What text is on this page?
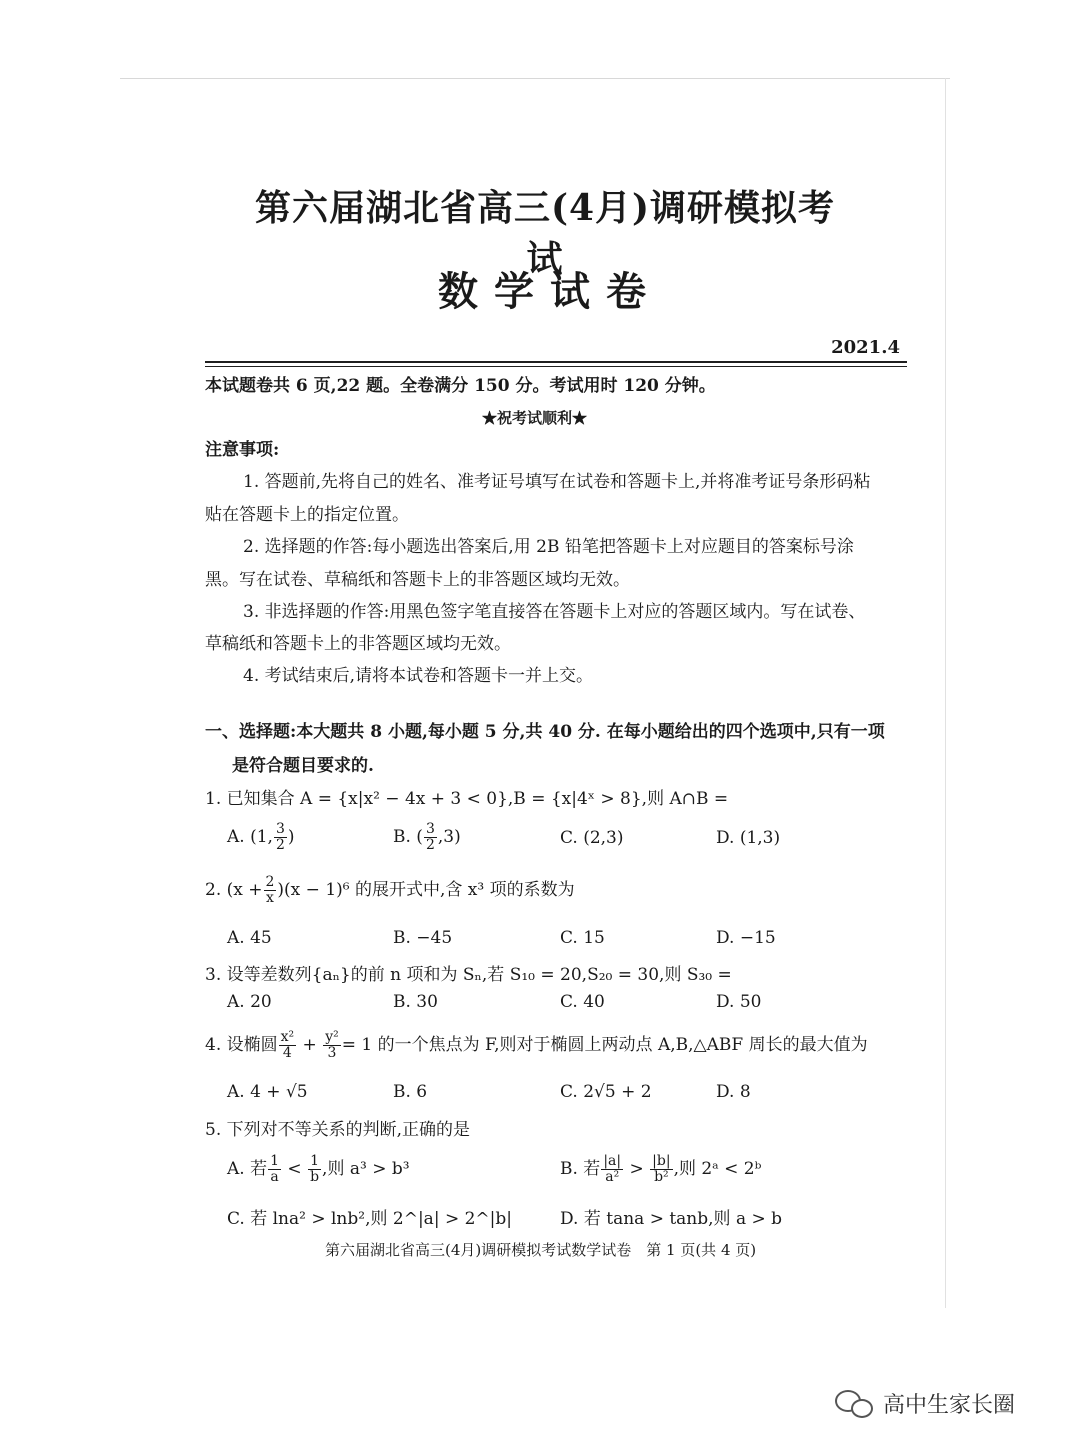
第六届湖北省高三(4月)调研模拟考试
数学试卷
2021.4
本试题卷共 6 页,22 题。全卷满分 150 分。考试用时 120 分钟。
★祝考试顺利★
注意事项:
1. 答题前,先将自己的姓名、准考证号填写在试卷和答题卡上,并将准考证号条形码粘
贴在答题卡上的指定位置。
2. 选择题的作答:每小题选出答案后,用 2B 铅笔把答题卡上对应题目的答案标号涂
黑。写在试卷、草稿纸和答题卡上的非答题区域均无效。
3. 非选择题的作答:用黑色签字笔直接答在答题卡上对应的答题区域内。写在试卷、
草稿纸和答题卡上的非答题区域均无效。
4. 考试结束后,请将本试卷和答题卡一并上交。
一、选择题:本大题共 8 小题,每小题 5 分,共 40 分. 在每小题给出的四个选项中,只有一项
是符合题目要求的.
1. 已知集合 A = {x|x² − 4x + 3 < 0},B = {x|4ˣ > 8},则 A∩B =
A. (1, $\frac{3}{2}$ )	B. ( $\frac{3}{2} ,3$)	C. (2,3)	D. (1,3)
2. $(x + \frac{2}{x} )(x - 1)^6$ 的展开式中,含 x³ 项的系数为
A. 45	B. −45	C. 15	D. −15
3. 设等差数列{aₙ}的前 n 项和为 Sₙ,若 S₁₀ = 20,S₂₀ = 30,则 S₃₀ =
A. 20	B. 30	C. 40	D. 50
4. 设椭圆 $\frac{\text{x²}}{4} + \frac{\text{y²}}{3} = 1$ 的一个焦点为 F,则对于椭圆上两动点 A,B,△ABF 周长的最大值为
A. 4 + √5	B. 6	C. 2√5 + 2	D. 8
5. 下列对不等关系的判断,正确的是
A. 若 $\frac{1}{a} < \frac{1}{b}$ ,则 a³ > b³	B. 若 $\frac{|a|}{\text{a²}} > \frac{|b|}{\text{b²}}$ ,则 2ᵃ < 2ᵇ
C. 若 lna² > lnb²,则 2^|a| > 2^|b|	D. 若 tana > tanb,则 a > b
第六届湖北省高三(4月)调研模拟考试数学试卷　第 1 页(共 4 页)
高中生家长圈
